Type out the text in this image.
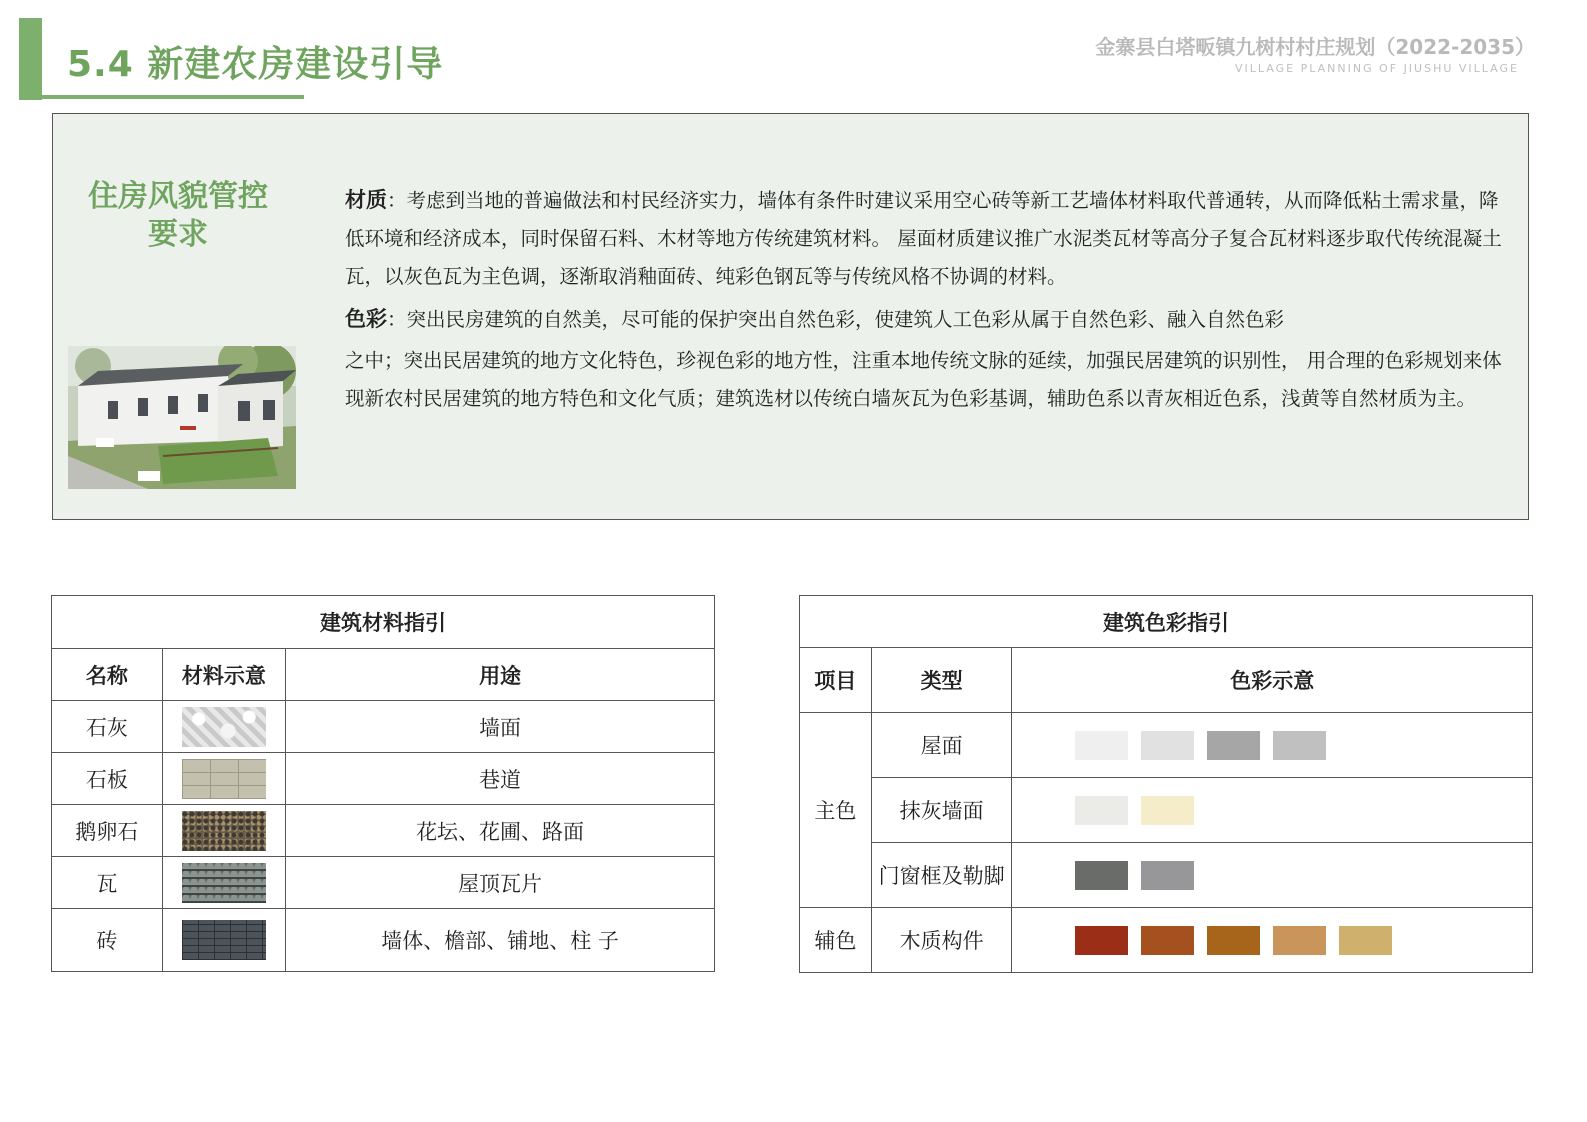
5.4 新建农房建设引导	金寨县白塔畈镇九树村村庄规划（2022-2035）
VILLAGE PLANNING OF JIUSHU VILLAGE
住房风貌管控
要求
材质：考虑到当地的普遍做法和村民经济实力，墙体有条件时建议采用空心砖等新工艺墙体材料取代普通转，从而降低粘土需求量，降低环境和经济成本，同时保留石料、木材等地方传统建筑材料。 屋面材质建议推广水泥类瓦材等高分子复合瓦材料逐步取代传统混凝土瓦，以灰色瓦为主色调，逐渐取消釉面砖、纯彩色钢瓦等与传统风格不协调的材料。
色彩：突出民房建筑的自然美，尽可能的保护突出自然色彩，使建筑人工色彩从属于自然色彩、融入自然色彩
之中；突出民居建筑的地方文化特色，珍视色彩的地方性，注重本地传统文脉的延续，加强民居建筑的识别性， 用合理的色彩规划来体现新农村民居建筑的地方特色和文化气质；建筑选材以传统白墙灰瓦为色彩基调，辅助色系以青灰相近色系，浅黄等自然材质为主。
建筑材料指引		
名称	材料示意	用途
石灰		墙面
石板		巷道
鹅卵石		花坛、花圃、路面
瓦		屋顶瓦片
砖		墙体、檐部、铺地、柱 子
建筑色彩指引		
项目	类型	色彩示意
主色	屋面	
	抹灰墙面	
	门窗框及勒脚	
辅色	木质构件	
